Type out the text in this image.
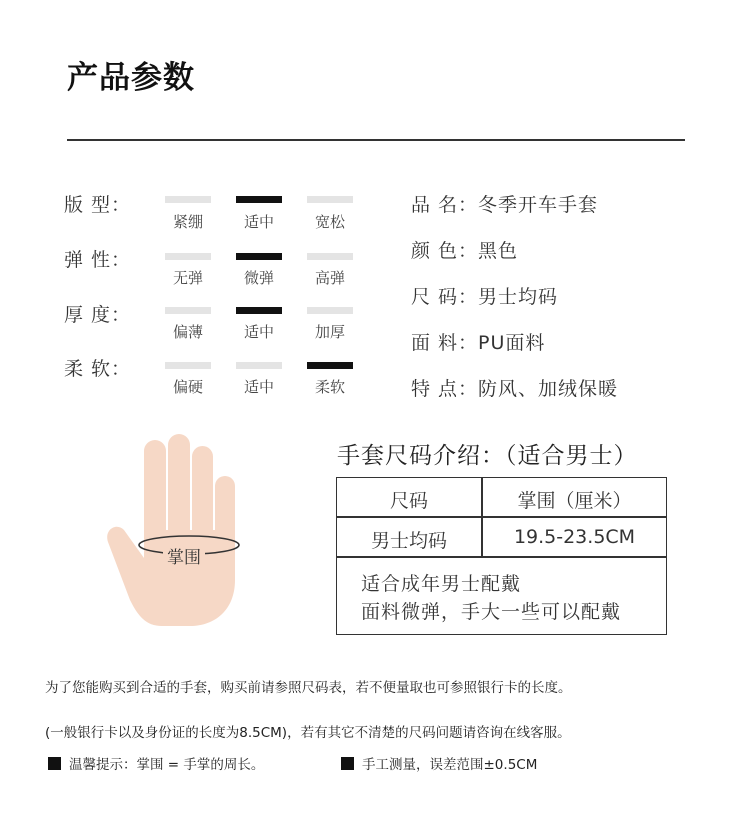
产品参数
版 型：
紧绷	适中	宽松
弹 性：
无弹	微弹	高弹
厚 度：
偏薄	适中	加厚
柔 软：
偏硬	适中	柔软
品 名：冬季开车手套
颜 色：黑色
尺 码：男士均码
面 料：PU面料
特 点：防风、加绒保暖
掌围
手套尺码介绍：（适合男士）
尺码	掌围（厘米）
男士均码	19.5-23.5CM
适合成年男士配戴
面料微弹，手大一些可以配戴
为了您能购买到合适的手套，购买前请参照尺码表，若不便量取也可参照银行卡的长度。
(一般银行卡以及身份证的长度为8.5CM)，若有其它不清楚的尺码问题请咨询在线客服。
温馨提示：掌围 = 手掌的周长。	手工测量，误差范围±0.5CM
